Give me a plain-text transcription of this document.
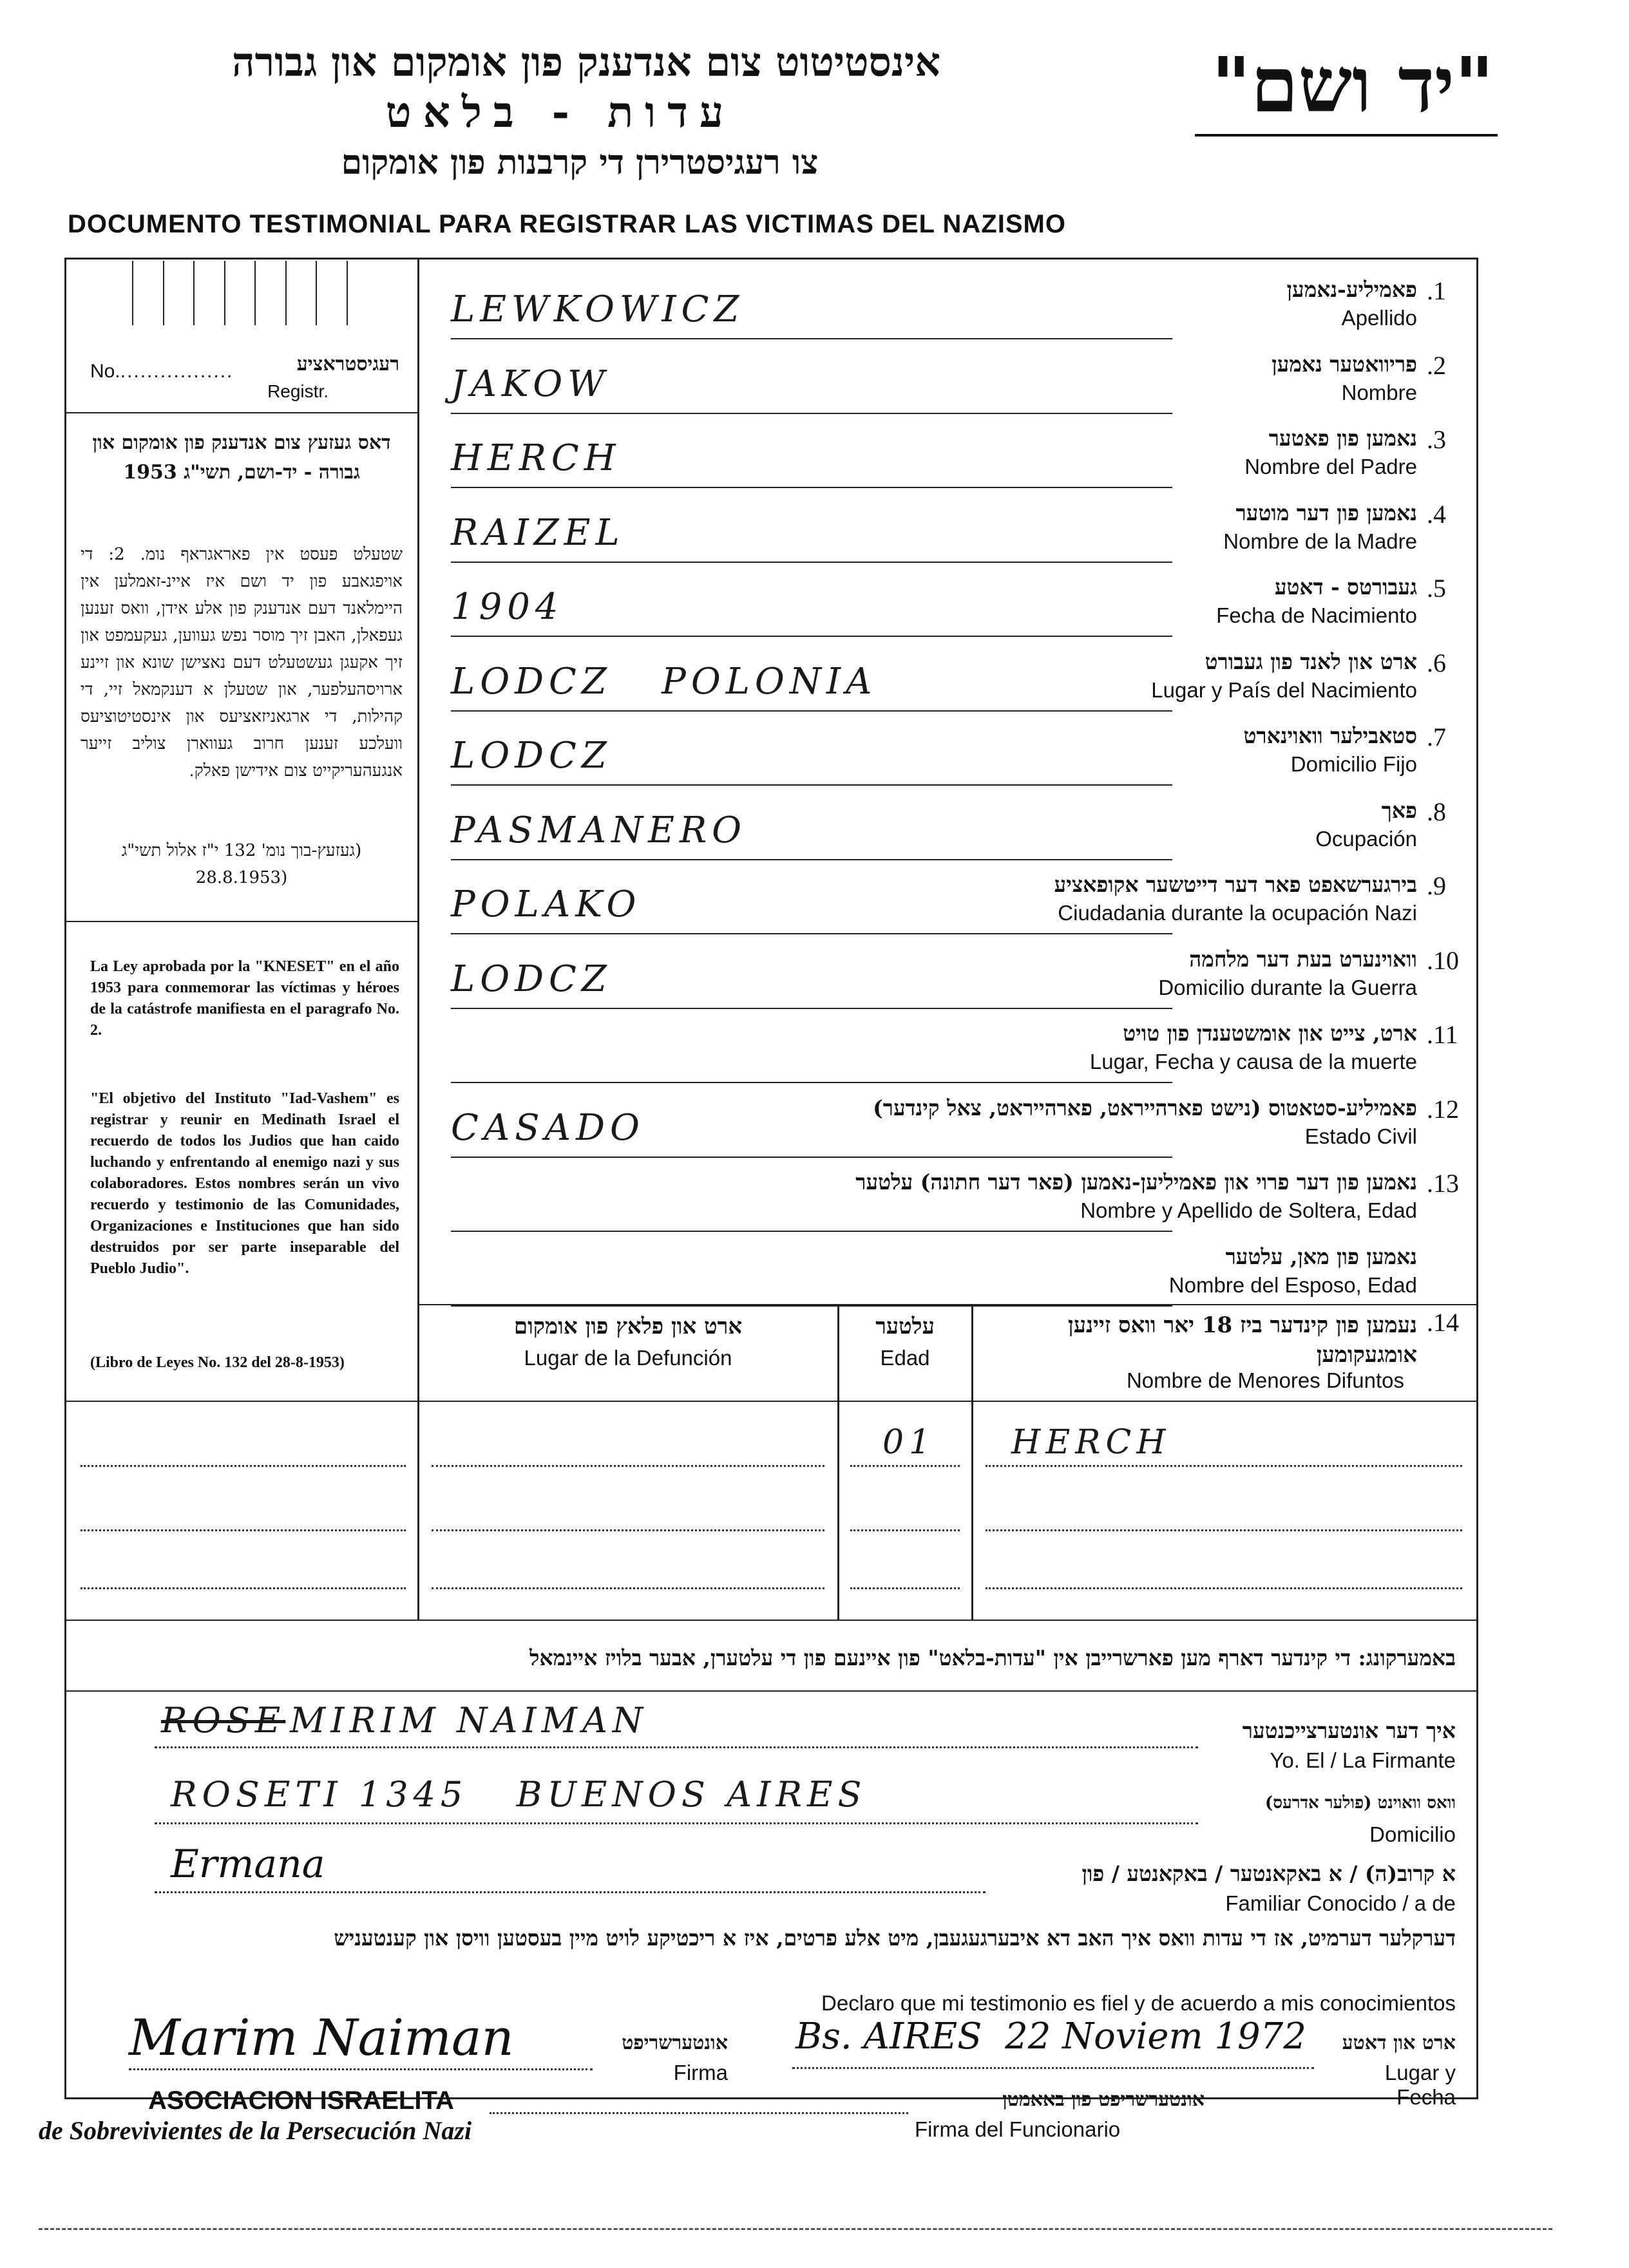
אינסטיטוט צום אנדענק פון אומקום און גבורה
עדות - בלאט
צו רעגיסטרירן די קרבנות פון אומקום
"יד ושם"
DOCUMENTO TESTIMONIAL PARA REGISTRAR LAS VICTIMAS DEL NAZISMO
No..................	רעגיסטראציע
Registr.
דאס געזעץ צום אנדענק פון אומקום און גבורה - יד-ושם, תשי"ג 1953
שטעלט פעסט אין פאראגראף נומ. 2: די אויפגאבע פון יד ושם איז איינ-זאמלען אין היימלאנד דעם אנדענק פון אלע אידן, וואס זענען געפאלן, האבן זיך מוסר נפש געווען, געקעמפט און זיך אקעגן געשטעלט דעם נאצישן שונא און זיינע ארויסהעלפער, און שטעלן א דענקמאל זיי, די קהילות, די ארגאניזאציעס און אינסטיטוציעס וועלכע זענען חרוב געווארן צוליב זייער אנגעהעריקייט צום אידישן פאלק.
(געזעץ-בוך נומ' 132 י"ז אלול תשי"ג (28.8.1953
La Ley aprobada por la "KNESET" en el año 1953 para conmemorar las víctimas y héroes de la catástrofe manifiesta en el paragrafo No. 2.
"El objetivo del Instituto "Iad-Vashem" es registrar y reunir en Medinath Israel el recuerdo de todos los Judios que han caido luchando y enfrentando al enemigo nazi y sus colaboradores. Estos nombres serán un vivo recuerdo y testimonio de las Comunidades, Organizaciones e Instituciones que han sido destruidos por ser parte inseparable del Pueblo Judio".
(Libro de Leyes No. 132 del 28-8-1953)
.1
פאמיליע-נאמען
Apellido
LEWKOWICZ
.2
פריוואטער נאמען
Nombre
JAKOW
.3
נאמען פון פאטער
Nombre del Padre
HERCH
.4
נאמען פון דער מוטער
Nombre de la Madre
RAIZEL
.5
געבורטס - דאטע
Fecha de Nacimiento
1904
.6
ארט און לאנד פון געבורט
Lugar y País del Nacimiento
LODCZ   POLONIA
.7
סטאבילער וואוינארט
Domicilio Fijo
LODCZ
.8
פאך
Ocupación
PASMANERO
.9
בירגערשאפט פאר דער דייטשער אקופאציע
Ciudadania durante la ocupación Nazi
POLAKO
.10
וואוינערט בעת דער מלחמה
Domicilio durante la Guerra
LODCZ
.11
ארט, צייט און אומשטענדן פון טויט
Lugar, Fecha y causa de la muerte
.12
פאמיליע-סטאטוס (נישט פארהייראט, פארהייראט, צאל קינדער)
Estado Civil
CASADO
.13
נאמען פון דער פרוי און פאמיליען-נאמען (פאר דער חתונה) עלטער
Nombre y Apellido de Soltera, Edad
נאמען פון מאן, עלטער
Nombre del Esposo, Edad
ארט און פלאץ פון אומקום
Lugar de la Defunción
עלטער
Edad
נעמען פון קינדער ביז 18 יאר וואס זיינען אומגעקומען
Nombre de Menores Difuntos
.14
01 HERCH
באמערקונג: די קינדער דארף מען פארשרייבן אין "עדות-בלאט" פון איינעם פון די עלטערן, אבער בלויז איינמאל
ROSE MIRIM NAIMAN	איך דער אונטערצייכנטער
Yo. El / La Firmante
ROSETI 1345   BUENOS AIRES	וואס וואוינט (פולער אדרעס)
Domicilio
Ermana	א קרוב(ה) / א באקאנטער / באקאנטע / פון
Familiar Conocido / a de
דערקלער דערמיט, אז די עדות וואס איך האב דא איבערגעגעבן, מיט אלע פרטים, איז א ריכטיקע לויט מיין בעסטען וויסן און קענטעניש
Declaro que mi testimonio es fiel y de acuerdo a mis conocimientos
Marim Naiman	אונטערשריפט
Firma
Bs. AIRES  22 Noviem 1972	ארט און דאטע
Lugar y Fecha
אונטערשריפט פון באאמטן
Firma del Funcionario
ASOCIACION ISRAELITA
de Sobrevivientes de la Persecución Nazi
